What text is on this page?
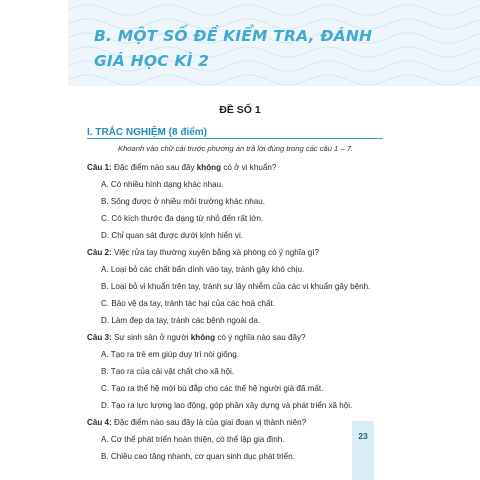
B. MỘT SỐ ĐỀ KIỂM TRA, ĐÁNH GIÁ HỌC KÌ 2
ĐỀ SỐ 1
I. TRẮC NGHIỆM (8 điểm)
Khoanh vào chữ cái trước phương án trả lời đúng trong các câu 1 – 7.
Câu 1: Đặc điểm nào sau đây không có ở vi khuẩn?
A. Có nhiều hình dạng khác nhau.
B. Sống được ở nhiều môi trường khác nhau.
C. Có kích thước đa dạng từ nhỏ đến rất lớn.
D. Chỉ quan sát được dưới kính hiển vi.
Câu 2: Việc rửa tay thường xuyên bằng xà phòng có ý nghĩa gì?
A. Loại bỏ các chất bẩn dính vào tay, tránh gây khó chịu.
B. Loại bỏ vi khuẩn trên tay, tránh sự lây nhiễm của các vi khuẩn gây bệnh.
C. Bảo vệ da tay, tránh tác hại của các hoá chất.
D. Làm đẹp da tay, tránh các bệnh ngoài da.
Câu 3: Sự sinh sản ở người không có ý nghĩa nào sau đây?
A. Tạo ra trẻ em giúp duy trì nòi giống.
B. Tạo ra của cải vật chất cho xã hội.
C. Tạo ra thế hệ mới bù đắp cho các thế hệ người già đã mất.
D. Tạo ra lực lượng lao động, góp phần xây dựng và phát triển xã hội.
Câu 4: Đặc điểm nào sau đây là của giai đoạn vị thành niên?
A. Cơ thể phát triển hoàn thiện, có thể lập gia đình.
B. Chiều cao tăng nhanh, cơ quan sinh dục phát triển.
23
